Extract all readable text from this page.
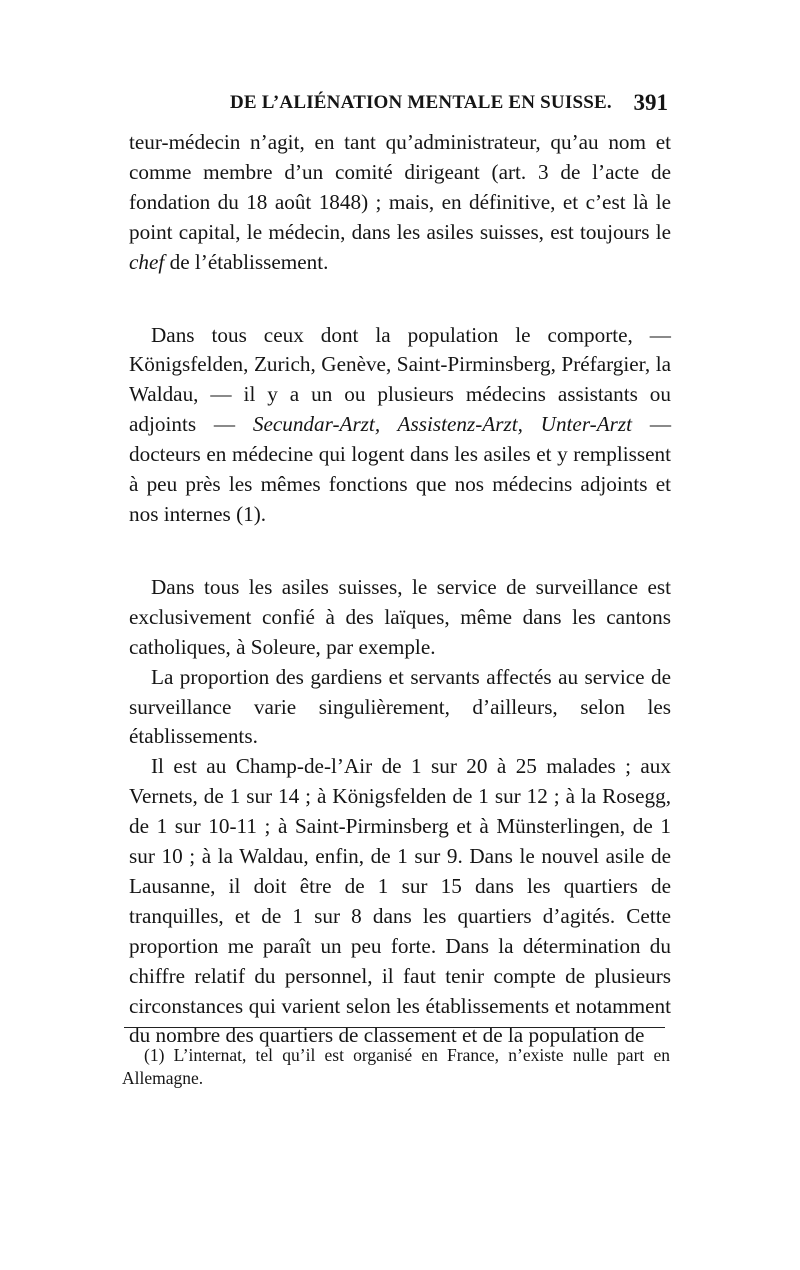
DE L’ALIÉNATION MENTALE EN SUISSE. 391

teur-médecin n’agit, en tant qu’administrateur, qu’au nom et comme membre d’un comité dirigeant (art. 3 de l’acte de fondation du 18 août 1848) ; mais, en définitive, et c’est là le point capital, le médecin, dans les asiles suisses, est toujours le chef de l’établissement.

Dans tous ceux dont la population le comporte, — Königsfelden, Zurich, Genève, Saint-Pirminsberg, Préfargier, la Waldau, — il y a un ou plusieurs médecins assistants ou adjoints — Secundar-Arzt, Assistenz-Arzt, Unter-Arzt — docteurs en médecine qui logent dans les asiles et y remplissent à peu près les mêmes fonctions que nos médecins adjoints et nos internes (1).

Dans tous les asiles suisses, le service de surveillance est exclusivement confié à des laïques, même dans les cantons catholiques, à Soleure, par exemple.

La proportion des gardiens et servants affectés au service de surveillance varie singulièrement, d’ailleurs, selon les établissements.

Il est au Champ-de-l’Air de 1 sur 20 à 25 malades ; aux Vernets, de 1 sur 14 ; à Königsfelden de 1 sur 12 ; à la Rosegg, de 1 sur 10-11 ; à Saint-Pirminsberg et à Münsterlingen, de 1 sur 10 ; à la Waldau, enfin, de 1 sur 9. Dans le nouvel asile de Lausanne, il doit être de 1 sur 15 dans les quartiers de tranquilles, et de 1 sur 8 dans les quartiers d’agités. Cette proportion me paraît un peu forte. Dans la détermination du chiffre relatif du personnel, il faut tenir compte de plusieurs circonstances qui varient selon les établissements et notamment du nombre des quartiers de classement et de la population de

(1) L’internat, tel qu’il est organisé en France, n’existe nulle part en Allemagne.
